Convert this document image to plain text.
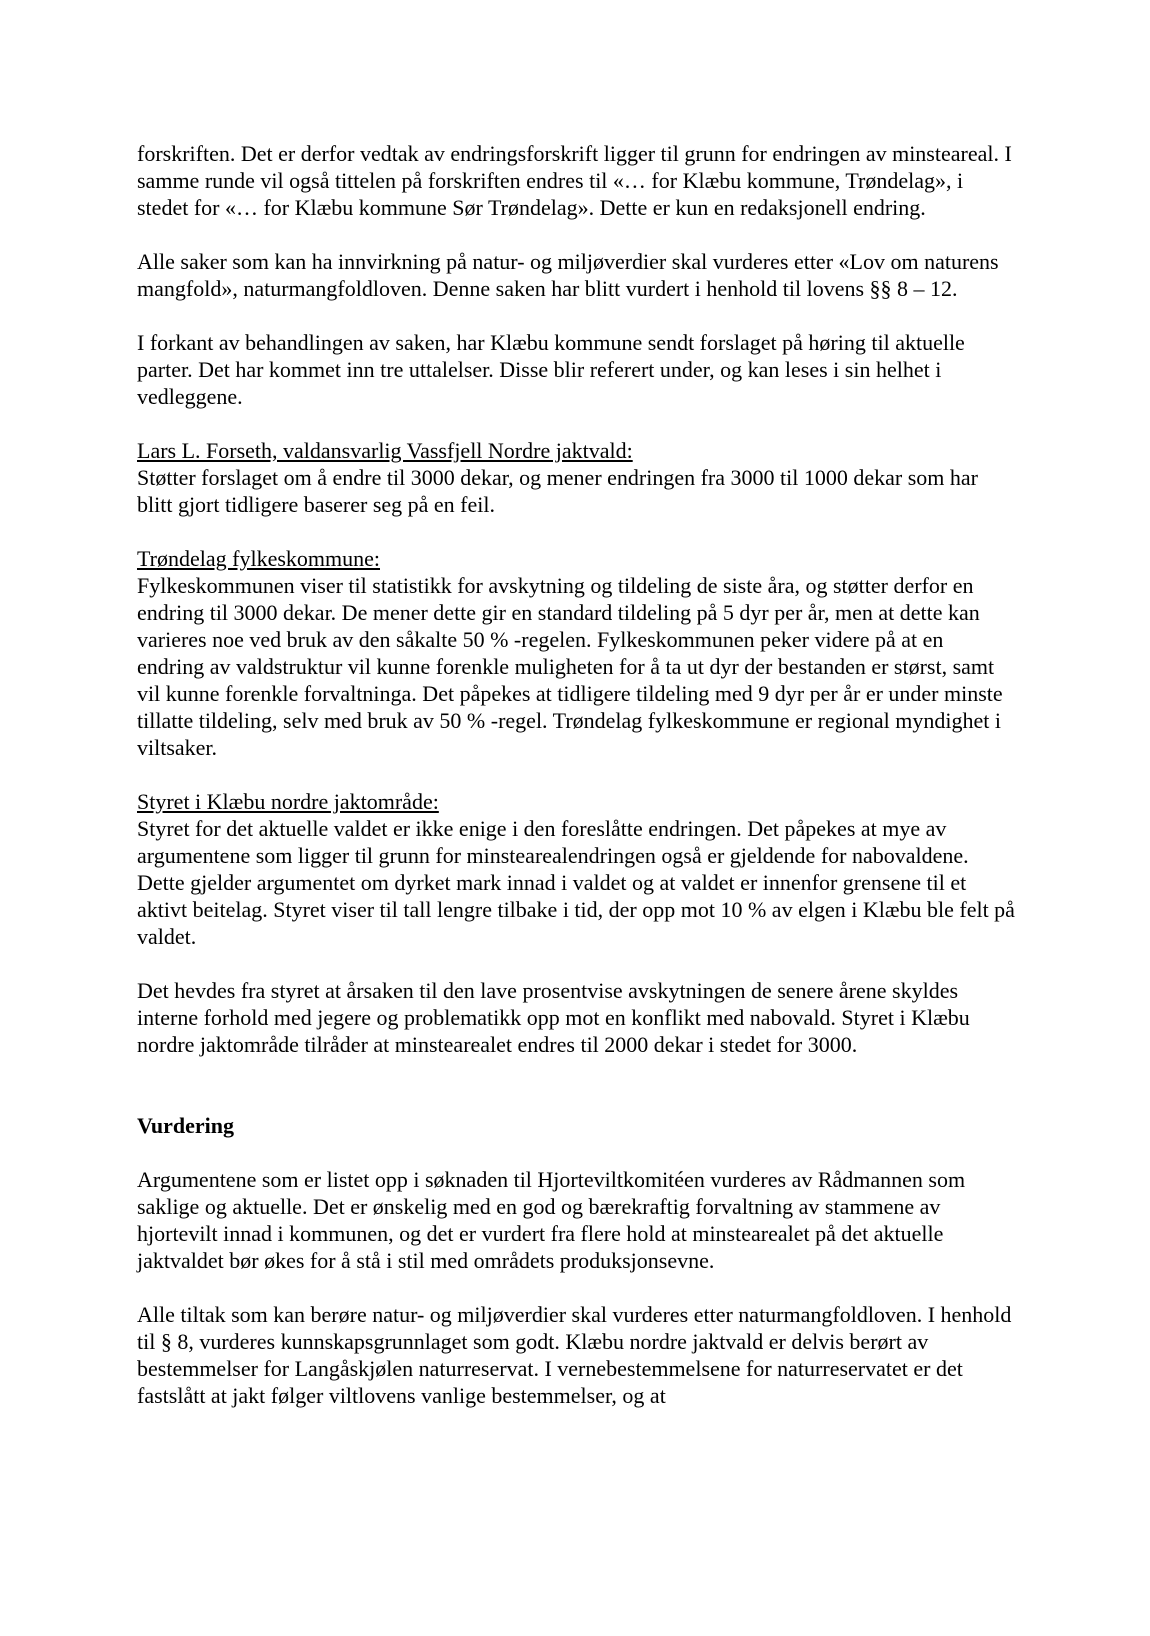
forskriften. Det er derfor vedtak av endringsforskrift ligger til grunn for endringen av minsteareal. I samme runde vil også tittelen på forskriften endres til «… for Klæbu kommune, Trøndelag», i stedet for «… for Klæbu kommune Sør Trøndelag». Dette er kun en redaksjonell endring.

Alle saker som kan ha innvirkning på natur- og miljøverdier skal vurderes etter «Lov om naturens mangfold», naturmangfoldloven. Denne saken har blitt vurdert i henhold til lovens §§ 8 – 12.

I forkant av behandlingen av saken, har Klæbu kommune sendt forslaget på høring til aktuelle parter. Det har kommet inn tre uttalelser. Disse blir referert under, og kan leses i sin helhet i vedleggene.

Lars L. Forseth, valdansvarlig Vassfjell Nordre jaktvald:

Støtter forslaget om å endre til 3000 dekar, og mener endringen fra 3000 til 1000 dekar som har blitt gjort tidligere baserer seg på en feil.

Trøndelag fylkeskommune:

Fylkeskommunen viser til statistikk for avskytning og tildeling de siste åra, og støtter derfor en endring til 3000 dekar. De mener dette gir en standard tildeling på 5 dyr per år, men at dette kan varieres noe ved bruk av den såkalte 50 % -regelen. Fylkeskommunen peker videre på at en endring av valdstruktur vil kunne forenkle muligheten for å ta ut dyr der bestanden er størst, samt vil kunne forenkle forvaltninga. Det påpekes at tidligere tildeling med 9 dyr per år er under minste tillatte tildeling, selv med bruk av 50 % -regel. Trøndelag fylkeskommune er regional myndighet i viltsaker.

Styret i Klæbu nordre jaktområde:

Styret for det aktuelle valdet er ikke enige i den foreslåtte endringen. Det påpekes at mye av argumentene som ligger til grunn for minstearealendringen også er gjeldende for nabovaldene. Dette gjelder argumentet om dyrket mark innad i valdet og at valdet er innenfor grensene til et aktivt beitelag. Styret viser til tall lengre tilbake i tid, der opp mot 10 % av elgen i Klæbu ble felt på valdet.

Det hevdes fra styret at årsaken til den lave prosentvise avskytningen de senere årene skyldes interne forhold med jegere og problematikk opp mot en konflikt med nabovald. Styret i Klæbu nordre jaktområde tilråder at minstearealet endres til 2000 dekar i stedet for 3000.

Vurdering

Argumentene som er listet opp i søknaden til Hjorteviltkomitéen vurderes av Rådmannen som saklige og aktuelle. Det er ønskelig med en god og bærekraftig forvaltning av stammene av hjortevilt innad i kommunen, og det er vurdert fra flere hold at minstearealet på det aktuelle jaktvaldet bør økes for å stå i stil med områdets produksjonsevne.

Alle tiltak som kan berøre natur- og miljøverdier skal vurderes etter naturmangfoldloven. I henhold til § 8, vurderes kunnskapsgrunnlaget som godt. Klæbu nordre jaktvald er delvis berørt av bestemmelser for Langåskjølen naturreservat. I vernebestemmelsene for naturreservatet er det fastslått at jakt følger viltlovens vanlige bestemmelser, og at
